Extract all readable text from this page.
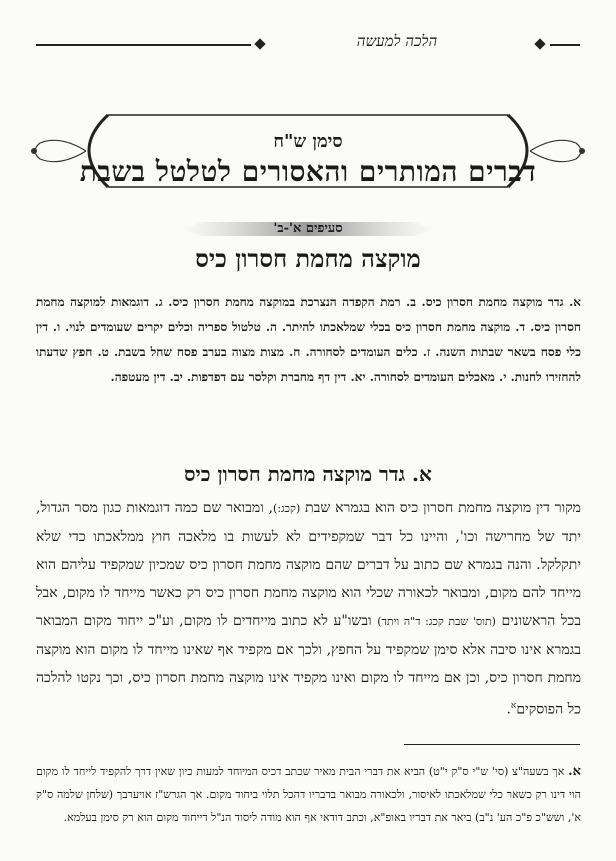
הלכה למעשה
סימן ש"ח
דברים המותרים והאסורים לטלטל בשבת
סעיפים א'-ב'
מוקצה מחמת חסרון כיס
א. גדר מוקצה מחמת חסרון כיס. ב. רמת הקפדה הנצרכת במוקצה מחמת חסרון כיס. ג. דוגמאות למוקצה מחמת חסרון כיס. ד. מוקצה מחמת חסרון כיס בכלי שמלאכתו להיתר. ה. טלטול ספריה וכלים יקרים שעומדים לנוי. ו. דין כלי פסח בשאר שבתות השנה. ז. כלים העומדים לסחורה. ח. מצות מצוה בערב פסח שחל בשבת. ט. חפץ שדעתו להחזירו לחנות. י. מאכלים העומדים לסחורה. יא. דין דף מחברת וקלסר עם דפדפות. יב. דין מעטפה.
א. גדר מוקצה מחמת חסרון כיס
מקור דין מוקצה מחמת חסרון כיס הוא בגמרא שבת (קכג:), ומבואר שם כמה דוגמאות כגון מסר הגדול, יתד של מחרישה וכו', והיינו כל דבר שמקפידים לא לעשות בו מלאכה חוץ ממלאכתו כדי שלא יתקלקל. והנה בגמרא שם כתוב על דברים שהם מוקצה מחמת חסרון כיס שמכיון שמקפיד עליהם הוא מייחד להם מקום, ומבואר לכאורה שכלי הוא מוקצה מחמת חסרון כיס רק כאשר מייחד לו מקום, אבל בכל הראשונים (תוס' שבת קכג: ד"ה ויתד) ובשו"ע לא כתוב מייחדים לו מקום, וע"כ ייחוד מקום המבואר בגמרא אינו סיבה אלא סימן שמקפיד על החפץ, ולכך אם מקפיד אף שאינו מייחד לו מקום הוא מוקצה מחמת חסרון כיס, וכן אם מייחד לו מקום ואינו מקפיד אינו מוקצה מחמת חסרון כיס, וכך נקטו להלכה כל הפוסקים$^א$.
א. אך בשעה"צ (סי' ש"י ס"ק י"ט) הביא את דברי הבית מאיר שכתב דכיס המיוחד למעות כיון שאין דרך להקפיד לייחד לו מקום הוי דינו רק כשאר כלי שמלאכתו לאיסור, ולכאורה מבואר בדבריו דהכל תלוי ביחוד מקום. אך הגרש"ז אויערבך (שלחן שלמה ס"ק א', ושש"כ פ"כ הע' נ"ב) ביאר את דבריו באופ"א, וכתב דודאי אף הוא מודה ליסוד הנ"ל דייחוד מקום הוא רק סימן בעלמא.
